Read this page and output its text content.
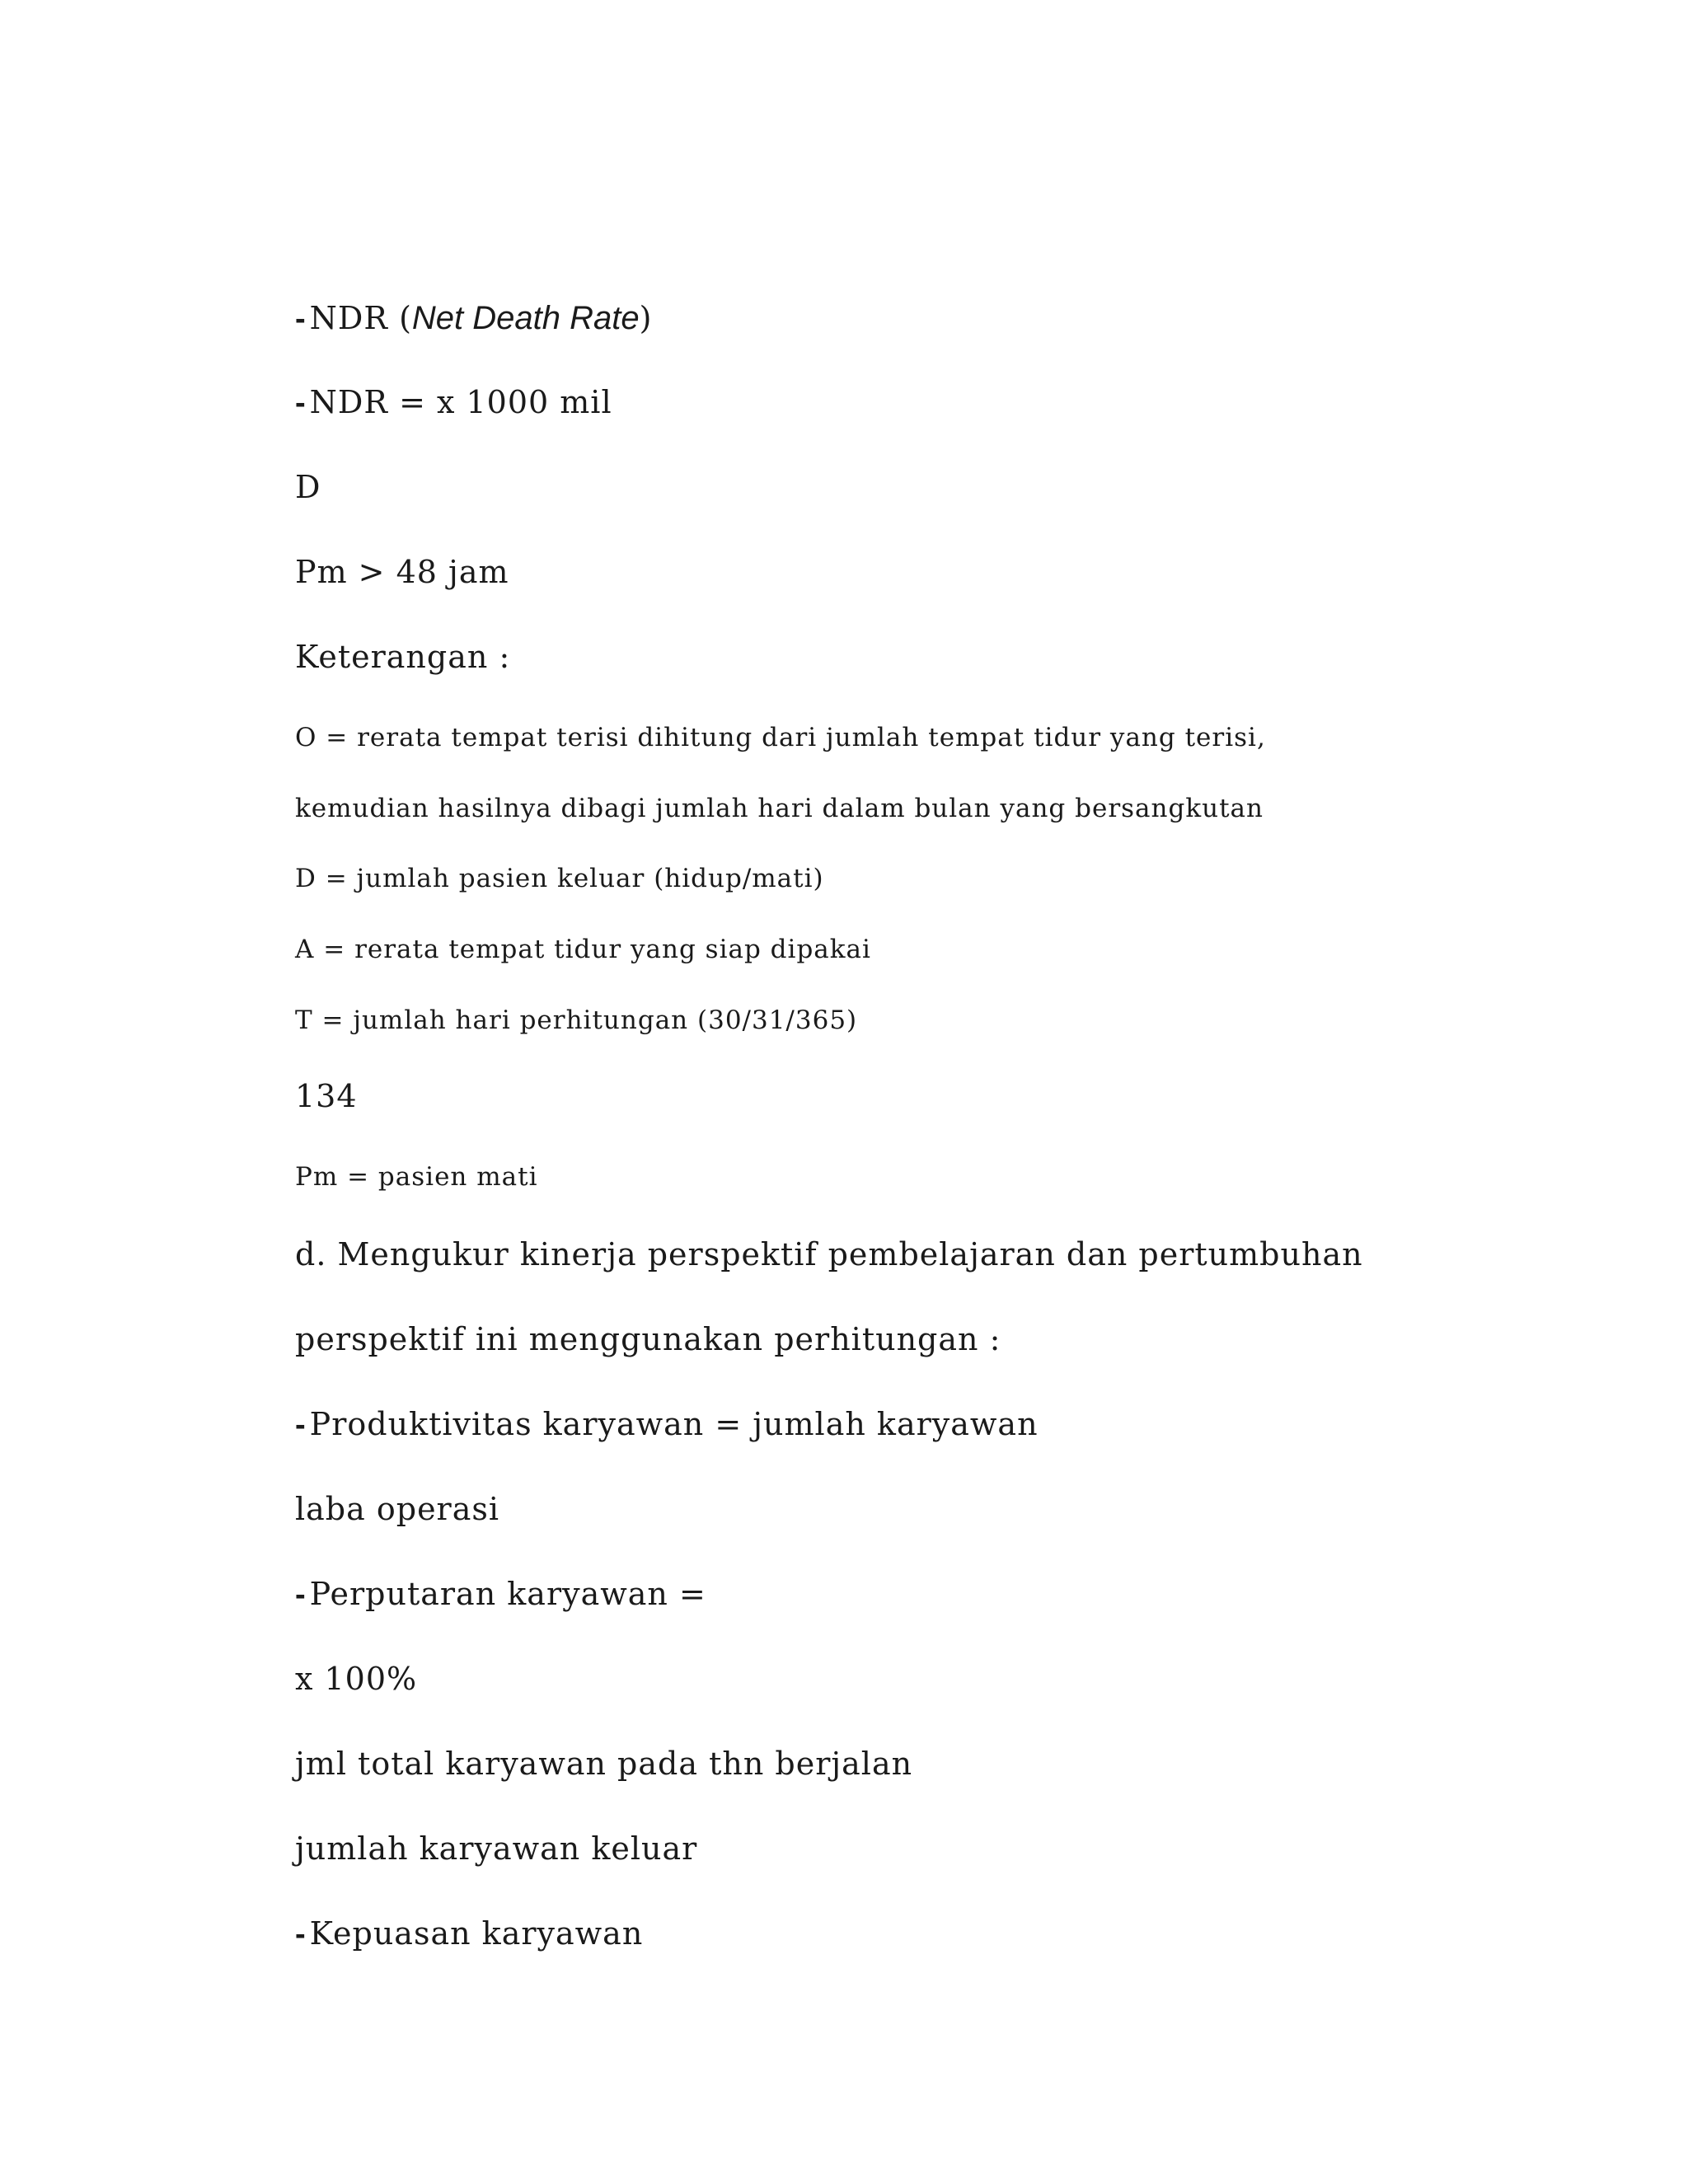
- NDR (Net Death Rate)
- NDR = x 1000 mil
D
Pm > 48 jam
Keterangan :
O = rerata tempat terisi dihitung dari jumlah tempat tidur yang terisi,
kemudian hasilnya dibagi jumlah hari dalam bulan yang bersangkutan
D = jumlah pasien keluar (hidup/mati)
A = rerata tempat tidur yang siap dipakai
T = jumlah hari perhitungan (30/31/365)
134
Pm = pasien mati
d. Mengukur kinerja perspektif pembelajaran dan pertumbuhan
perspektif ini menggunakan perhitungan :
- Produktivitas karyawan = jumlah karyawan
laba operasi
- Perputaran karyawan =
x 100%
jml total karyawan pada thn berjalan
jumlah karyawan keluar
- Kepuasan karyawan
